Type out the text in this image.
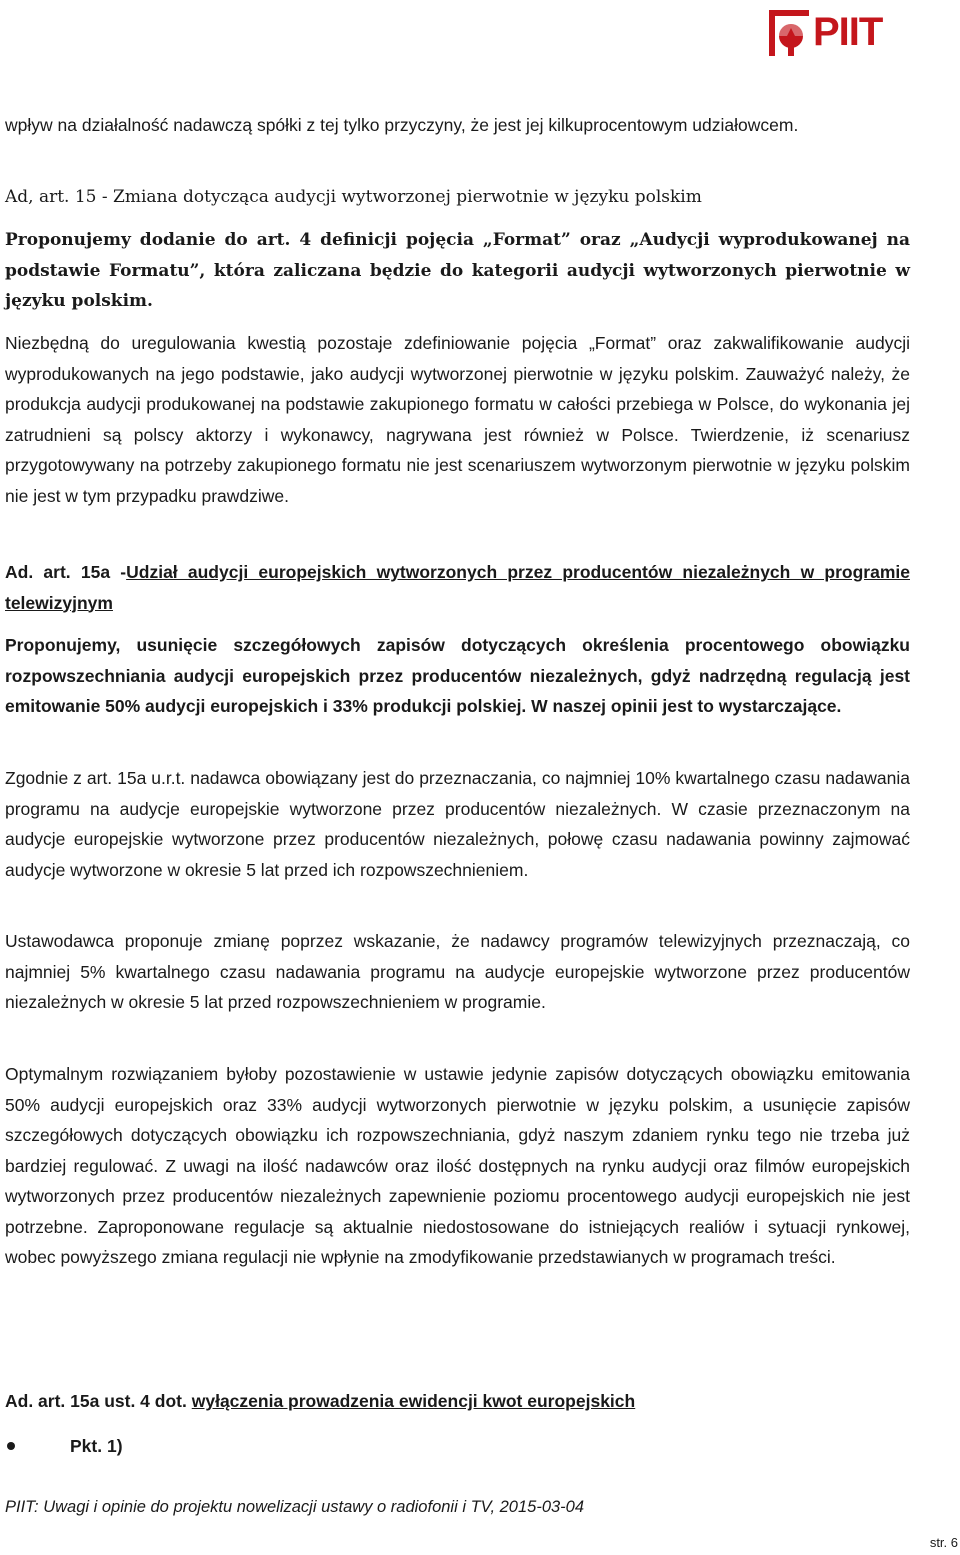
PIIT

wpływ na działalność nadawczą spółki z tej tylko przyczyny, że jest jej kilkuprocentowym udziałowcem.

Ad, art. 15 - Zmiana dotycząca audycji wytworzonej pierwotnie w języku polskim

Proponujemy dodanie do art. 4 definicji pojęcia „Format” oraz „Audycji wyprodukowanej na podstawie Formatu”, która zaliczana będzie do kategorii audycji wytworzonych pierwotnie w języku polskim.

Niezbędną do uregulowania kwestią pozostaje zdefiniowanie pojęcia „Format” oraz zakwalifikowanie audycji wyprodukowanych na jego podstawie, jako audycji wytworzonej pierwotnie w języku polskim. Zauważyć należy, że produkcja audycji produkowanej na podstawie zakupionego formatu w całości przebiega w Polsce, do wykonania jej zatrudnieni są polscy aktorzy i wykonawcy, nagrywana jest również w Polsce. Twierdzenie, iż scenariusz przygotowywany na potrzeby zakupionego formatu nie jest scenariuszem wytworzonym pierwotnie w języku polskim nie jest w tym przypadku prawdziwe.

Ad. art. 15a -Udział audycji europejskich wytworzonych przez producentów niezależnych w programie telewizyjnym

Proponujemy, usunięcie szczegółowych zapisów dotyczących określenia procentowego obowiązku rozpowszechniania audycji europejskich przez producentów niezależnych, gdyż nadrzędną regulacją jest emitowanie 50% audycji europejskich i 33% produkcji polskiej. W naszej opinii jest to wystarczające.

Zgodnie z art. 15a u.r.t. nadawca obowiązany jest do przeznaczania, co najmniej 10% kwartalnego czasu nadawania programu na audycje europejskie wytworzone przez producentów niezależnych. W czasie przeznaczonym na audycje europejskie wytworzone przez producentów niezależnych, połowę czasu nadawania powinny zajmować audycje wytworzone w okresie 5 lat przed ich rozpowszechnieniem.

Ustawodawca proponuje zmianę poprzez wskazanie, że nadawcy programów telewizyjnych przeznaczają, co najmniej 5% kwartalnego czasu nadawania programu na audycje europejskie wytworzone przez producentów niezależnych w okresie 5 lat przed rozpowszechnieniem w programie.

Optymalnym rozwiązaniem byłoby pozostawienie w ustawie jedynie zapisów dotyczących obowiązku emitowania 50% audycji europejskich oraz 33% audycji wytworzonych pierwotnie w języku polskim, a usunięcie zapisów szczegółowych dotyczących obowiązku ich rozpowszechniania, gdyż naszym zdaniem rynku tego nie trzeba już bardziej regulować. Z uwagi na ilość nadawców oraz ilość dostępnych na rynku audycji oraz filmów europejskich wytworzonych przez producentów niezależnych zapewnienie poziomu procentowego audycji europejskich nie jest potrzebne. Zaproponowane regulacje są aktualnie niedostosowane do istniejących realiów i sytuacji rynkowej, wobec powyższego zmiana regulacji nie wpłynie na zmodyfikowanie przedstawianych w programach treści.

Ad. art. 15a ust. 4 dot. wyłączenia prowadzenia ewidencji kwot europejskich

Pkt. 1)
PIIT: Uwagi i opinie do projektu nowelizacji ustawy o radiofonii i TV, 2015-03-04
str. 6
